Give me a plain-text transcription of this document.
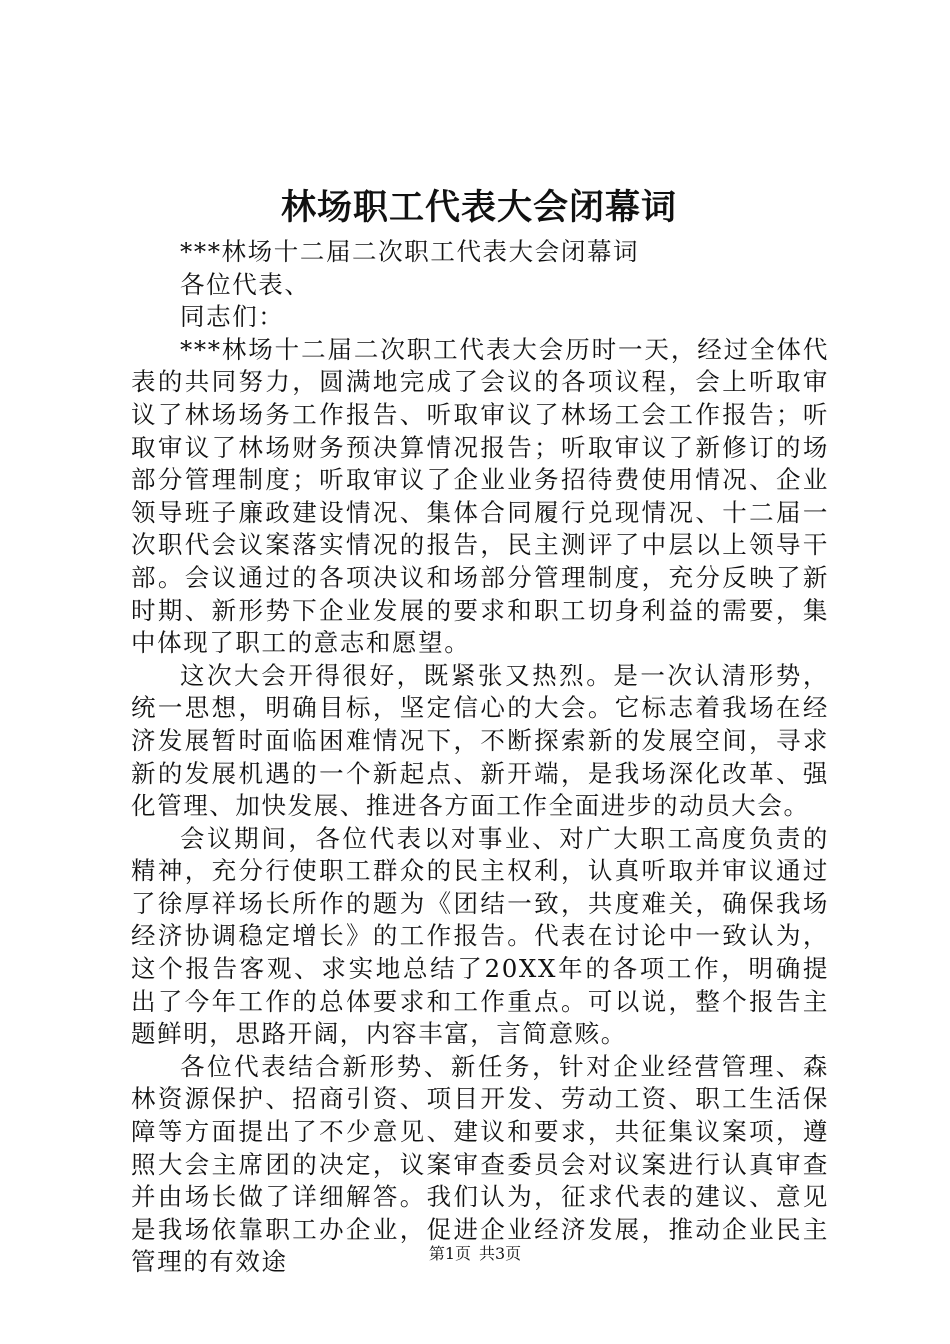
林场职工代表大会闭幕词

***林场十二届二次职工代表大会闭幕词

各位代表、

同志们：

***林场十二届二次职工代表大会历时一天，经过全体代表的共同努力，圆满地完成了会议的各项议程，会上听取审议了林场场务工作报告、听取审议了林场工会工作报告；听取审议了林场财务预决算情况报告；听取审议了新修订的场部分管理制度；听取审议了企业业务招待费使用情况、企业领导班子廉政建设情况、集体合同履行兑现情况、十二届一次职代会议案落实情况的报告，民主测评了中层以上领导干部。会议通过的各项决议和场部分管理制度，充分反映了新时期、新形势下企业发展的要求和职工切身利益的需要，集中体现了职工的意志和愿望。

这次大会开得很好，既紧张又热烈。是一次认清形势，统一思想，明确目标，坚定信心的大会。它标志着我场在经济发展暂时面临困难情况下，不断探索新的发展空间，寻求新的发展机遇的一个新起点、新开端，是我场深化改革、强化管理、加快发展、推进各方面工作全面进步的动员大会。

会议期间，各位代表以对事业、对广大职工高度负责的精神，充分行使职工群众的民主权利，认真听取并审议通过了徐厚祥场长所作的题为《团结一致，共度难关，确保我场经济协调稳定增长》的工作报告。代表在讨论中一致认为，这个报告客观、求实地总结了20XX年的各项工作，明确提出了今年工作的总体要求和工作重点。可以说，整个报告主题鲜明，思路开阔，内容丰富，言简意赅。

各位代表结合新形势、新任务，针对企业经营管理、森林资源保护、招商引资、项目开发、劳动工资、职工生活保障等方面提出了不少意见、建议和要求，共征集议案项，遵照大会主席团的决定，议案审查委员会对议案进行认真审查并由场长做了详细解答。我们认为，征求代表的建议、意见是我场依靠职工办企业，促进企业经济发展，推动企业民主管理的有效途	第1页 共3页
